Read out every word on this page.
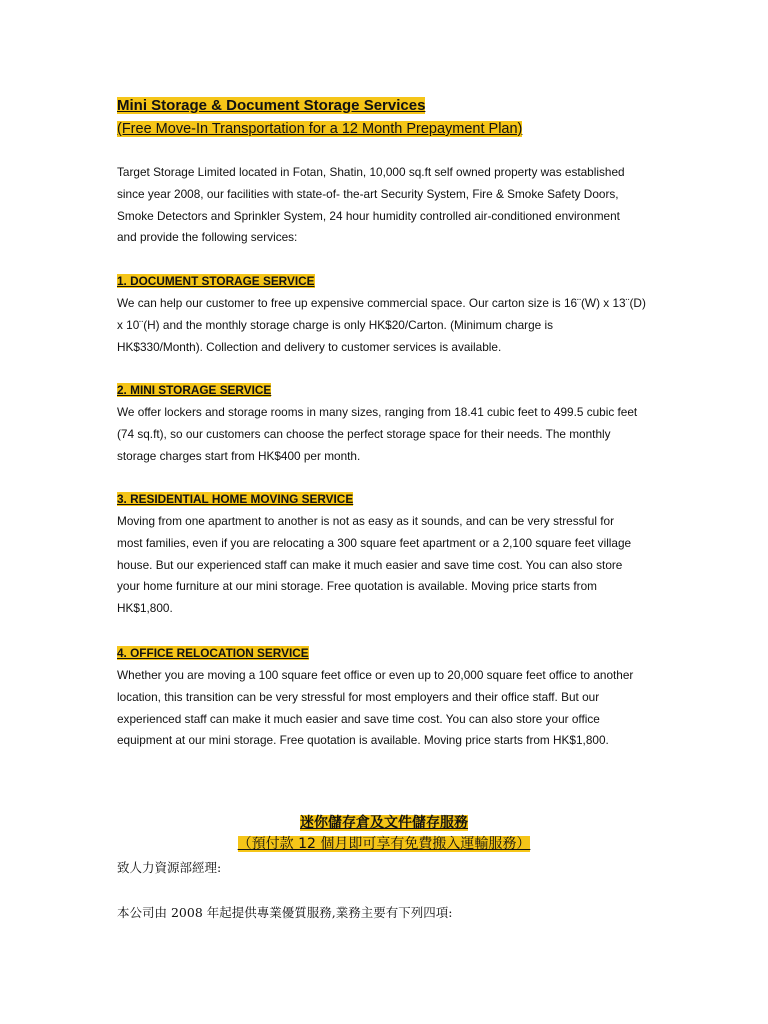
Mini Storage & Document Storage Services
(Free Move-In Transportation for a 12 Month Prepayment Plan)
Target Storage Limited located in Fotan, Shatin, 10,000 sq.ft self owned property was established
since year 2008, our facilities with state-of- the-art Security System, Fire & Smoke Safety Doors,
Smoke Detectors and Sprinkler System, 24 hour humidity controlled air-conditioned environment
and provide the following services:
1. DOCUMENT STORAGE SERVICE
We can help our customer to free up expensive commercial space. Our carton size is 16¨(W) x 13¨(D)
x 10¨(H) and the monthly storage charge is only HK$20/Carton. (Minimum charge is
HK$330/Month). Collection and delivery to customer services is available.
2. MINI STORAGE SERVICE
We offer lockers and storage rooms in many sizes, ranging from 18.41 cubic feet to 499.5 cubic feet
(74 sq.ft), so our customers can choose the perfect storage space for their needs. The monthly
storage charges start from HK$400 per month.
3. RESIDENTIAL HOME MOVING SERVICE
Moving from one apartment to another is not as easy as it sounds, and can be very stressful for
most families, even if you are relocating a 300 square feet apartment or a 2,100 square feet village
house. But our experienced staff can make it much easier and save time cost. You can also store
your home furniture at our mini storage. Free quotation is available. Moving price starts from
HK$1,800.
4. OFFICE RELOCATION SERVICE
Whether you are moving a 100 square feet office or even up to 20,000 square feet office to another
location, this transition can be very stressful for most employers and their office staff. But our
experienced staff can make it much easier and save time cost. You can also store your office
equipment at our mini storage. Free quotation is available. Moving price starts from HK$1,800.
迷你儲存倉及文件儲存服務
（預付款 12 個月即可享有免費搬入運輸服務）
致人力資源部經理:
本公司由 2008 年起提供專業優質服務,業務主要有下列四項:
